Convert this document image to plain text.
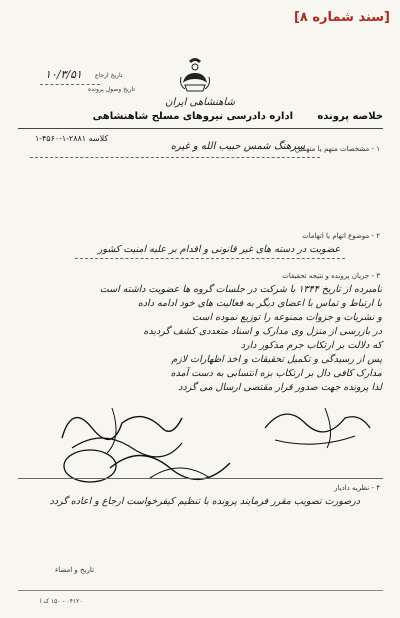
[سند شماره ۸]
شاهنشاهی ایران
تاریخ ارجاع
۱۰/۳/۵۱
تاریخ وصول پرونده
خلاصه پرونده
اداره دادرسی نیروهای مسلح شاهنشاهی
۱ - مشخصات متهم یا متهمین
سرهنگ شمس حبیب الله و غیره
کلاسه ۲۸۸۱-۱-۴۵۶۰-۱
۲ - موضوع اتهام یا اتهامات
عضویت در دسته های غیر قانونی و اقدام بر علیه امنیت کشور
۳ - جریان پرونده و نتیجه تحقیقات
نامبرده از تاریخ ۱۳۴۴ با شرکت در جلسات گروه ها عضویت داشته است
با ارتباط و تماس با اعضای دیگر به فعالیت های خود ادامه داده
و نشریات و جزوات ممنوعه را توزیع نموده است
در بازرسی از منزل وی مدارک و اسناد متعددی کشف گردیده
که دلالت بر ارتکاب جرم مذکور دارد
پس از رسیدگی و تکمیل تحقیقات و اخذ اظهارات لازم
مدارک کافی دال بر ارتکاب بزه انتسابی به دست آمده
لذا پرونده جهت صدور قرار مقتضی ارسال می گردد
۴ - نظریه دادیار
درصورت تصویب مقرر فرمایند پرونده با تنظیم کیفرخواست ارجاع و اعاده گردد
تاریخ و امضاء
۰۴۱۲۰ - ۱۵۰ ک ا
